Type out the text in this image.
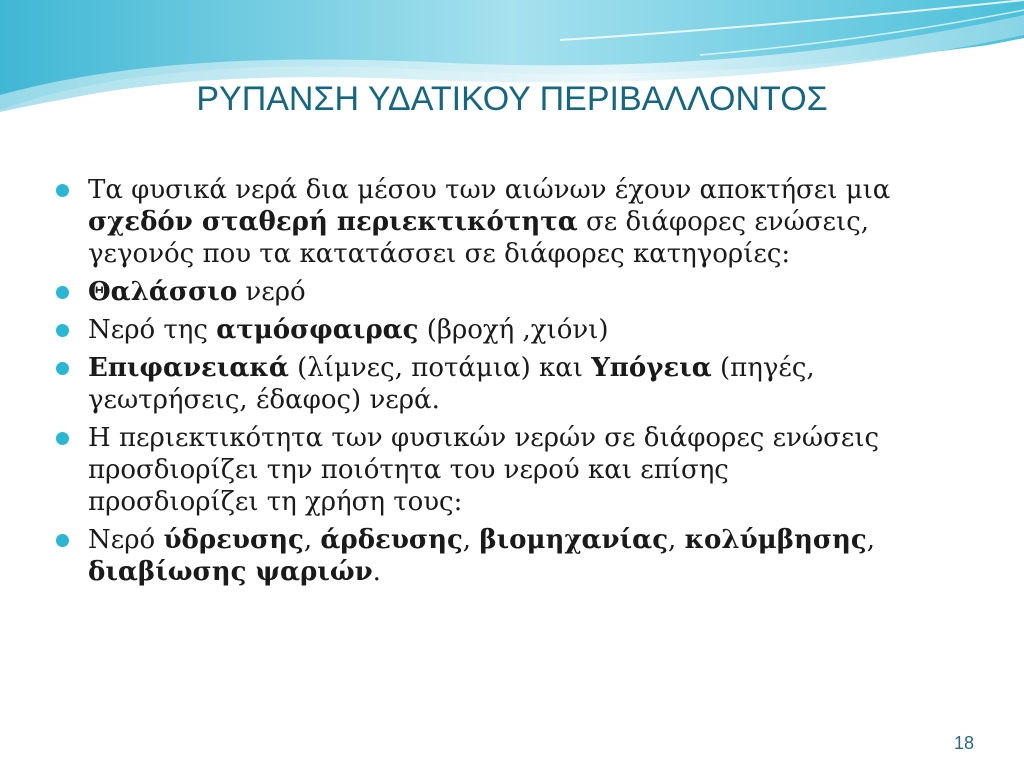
ΡΥΠΑΝΣΗ ΥΔΑΤΙΚΟΥ ΠΕΡΙΒΑΛΛΟΝΤΟΣ
Τα φυσικά νερά δια μέσου των αιώνων έχουν αποκτήσει μια σχεδόν σταθερή περιεκτικότητα σε διάφορες ενώσεις, γεγονός που τα κατατάσσει σε διάφορες κατηγορίες:
Θαλάσσιο νερό
Νερό της ατμόσφαιρας (βροχή ,χιόνι)
Επιφανειακά (λίμνες, ποτάμια) και Υπόγεια (πηγές, γεωτρήσεις, έδαφος) νερά.
Η περιεκτικότητα των φυσικών νερών σε διάφορες ενώσεις προσδιορίζει την ποιότητα του νερού και επίσης προσδιορίζει τη χρήση τους:
Νερό ύδρευσης, άρδευσης, βιομηχανίας, κολύμβησης, διαβίωσης ψαριών.
18
